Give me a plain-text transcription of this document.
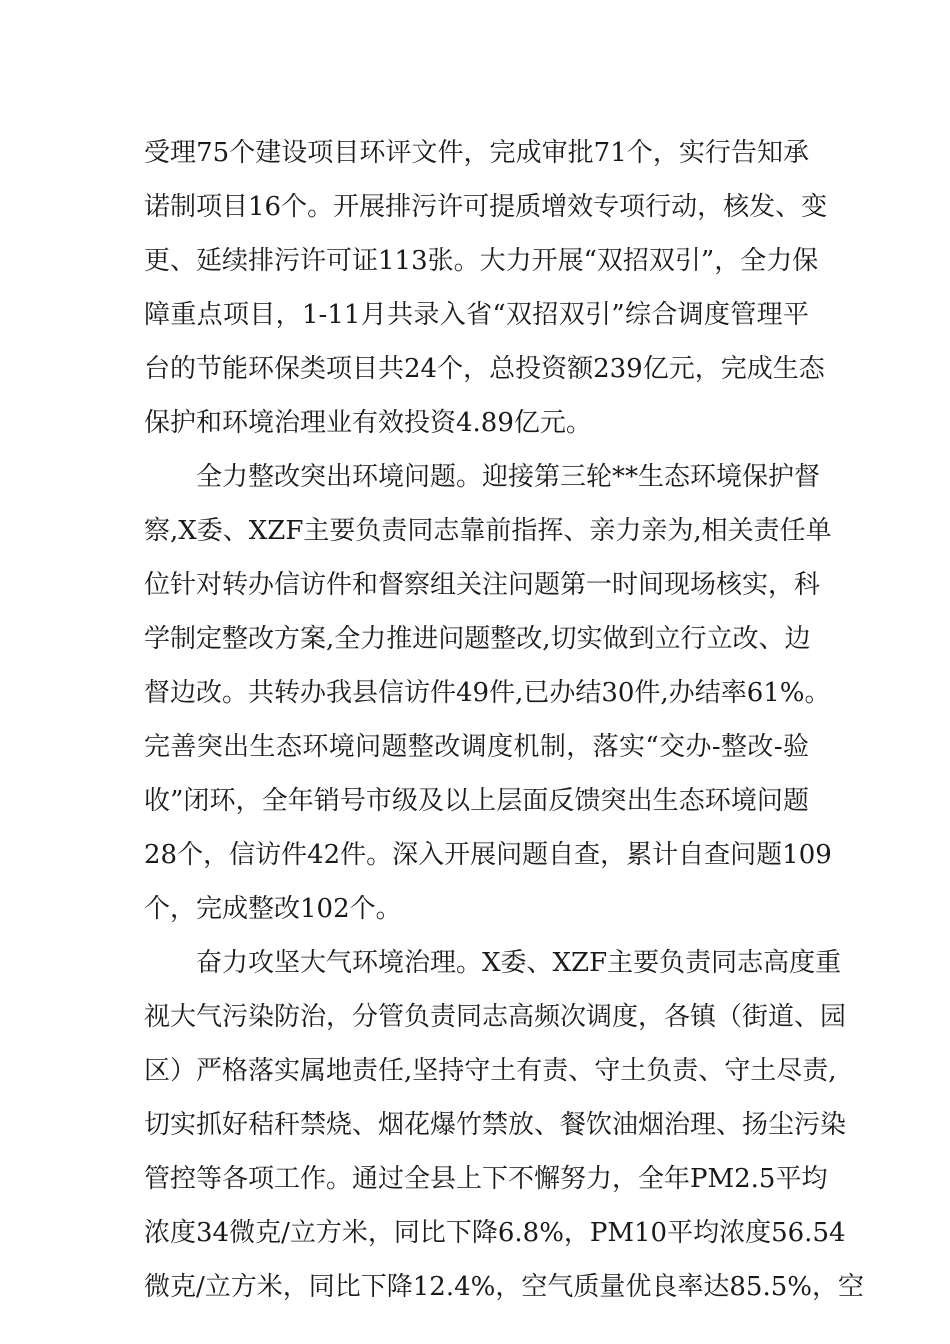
受理75个建设项目环评文件，完成审批71个，实行告知承
诺制项目16个。开展排污许可提质增效专项行动，核发、变
更、延续排污许可证113张。大力开展“双招双引”，全力保
障重点项目，1-11月共录入省“双招双引”综合调度管理平
台的节能环保类项目共24个，总投资额239亿元，完成生态
保护和环境治理业有效投资4.89亿元。
全力整改突出环境问题。迎接第三轮**生态环境保护督
察,X委、XZF主要负责同志靠前指挥、亲力亲为,相关责任单
位针对转办信访件和督察组关注问题第一时间现场核实，科
学制定整改方案,全力推进问题整改,切实做到立行立改、边
督边改。共转办我县信访件49件,已办结30件,办结率61%。
完善突出生态环境问题整改调度机制，落实“交办-整改-验
收”闭环，全年销号市级及以上层面反馈突出生态环境问题
28个，信访件42件。深入开展问题自查，累计自查问题109
个，完成整改102个。
奋力攻坚大气环境治理。X委、XZF主要负责同志高度重
视大气污染防治，分管负责同志高频次调度，各镇（街道、园
区）严格落实属地责任,坚持守土有责、守土负责、守土尽责,
切实抓好秸秆禁烧、烟花爆竹禁放、餐饮油烟治理、扬尘污染
管控等各项工作。通过全县上下不懈努力，全年PM2.5平均
浓度34微克/立方米，同比下降6.8%，PM10平均浓度56.54
微克/立方米，同比下降12.4%，空气质量优良率达85.5%，空
